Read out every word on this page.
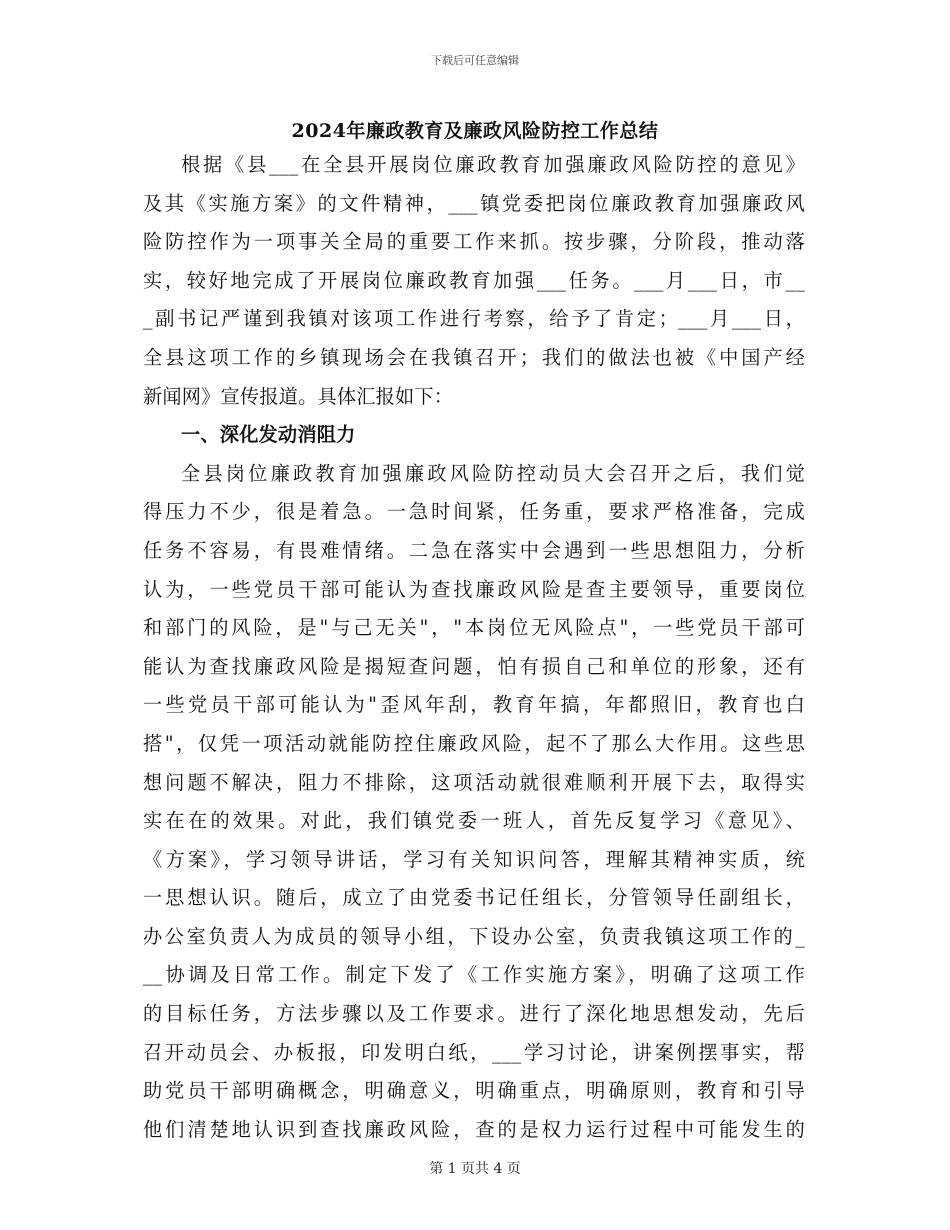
下载后可任意编辑
2024年廉政教育及廉政风险防控工作总结
根据《县___在全县开展岗位廉政教育加强廉政风险防控的意见》
及其《实施方案》的文件精神，___镇党委把岗位廉政教育加强廉政风
险防控作为一项事关全局的重要工作来抓。按步骤，分阶段，推动落
实，较好地完成了开展岗位廉政教育加强___任务。___月___日，市__
_副书记严谨到我镇对该项工作进行考察，给予了肯定；___月___日，
全县这项工作的乡镇现场会在我镇召开；我们的做法也被《中国产经
新闻网》宣传报道。具体汇报如下：
一、深化发动消阻力
全县岗位廉政教育加强廉政风险防控动员大会召开之后，我们觉
得压力不少，很是着急。一急时间紧，任务重，要求严格准备，完成
任务不容易，有畏难情绪。二急在落实中会遇到一些思想阻力，分析
认为，一些党员干部可能认为查找廉政风险是查主要领导，重要岗位
和部门的风险，是"与己无关"，"本岗位无风险点"，一些党员干部可
能认为查找廉政风险是揭短查问题，怕有损自己和单位的形象，还有
一些党员干部可能认为"歪风年刮，教育年搞，年都照旧，教育也白
搭"，仅凭一项活动就能防控住廉政风险，起不了那么大作用。这些思
想问题不解决，阻力不排除，这项活动就很难顺利开展下去，取得实
实在在的效果。对此，我们镇党委一班人，首先反复学习《意见》、
《方案》，学习领导讲话，学习有关知识问答，理解其精神实质，统
一思想认识。随后，成立了由党委书记任组长，分管领导任副组长，
办公室负责人为成员的领导小组，下设办公室，负责我镇这项工作的_
__协调及日常工作。制定下发了《工作实施方案》，明确了这项工作
的目标任务，方法步骤以及工作要求。进行了深化地思想发动，先后
召开动员会、办板报，印发明白纸，___学习讨论，讲案例摆事实，帮
助党员干部明确概念，明确意义，明确重点，明确原则，教育和引导
他们清楚地认识到查找廉政风险，查的是权力运行过程中可能发生的
第 1 页共 4 页
